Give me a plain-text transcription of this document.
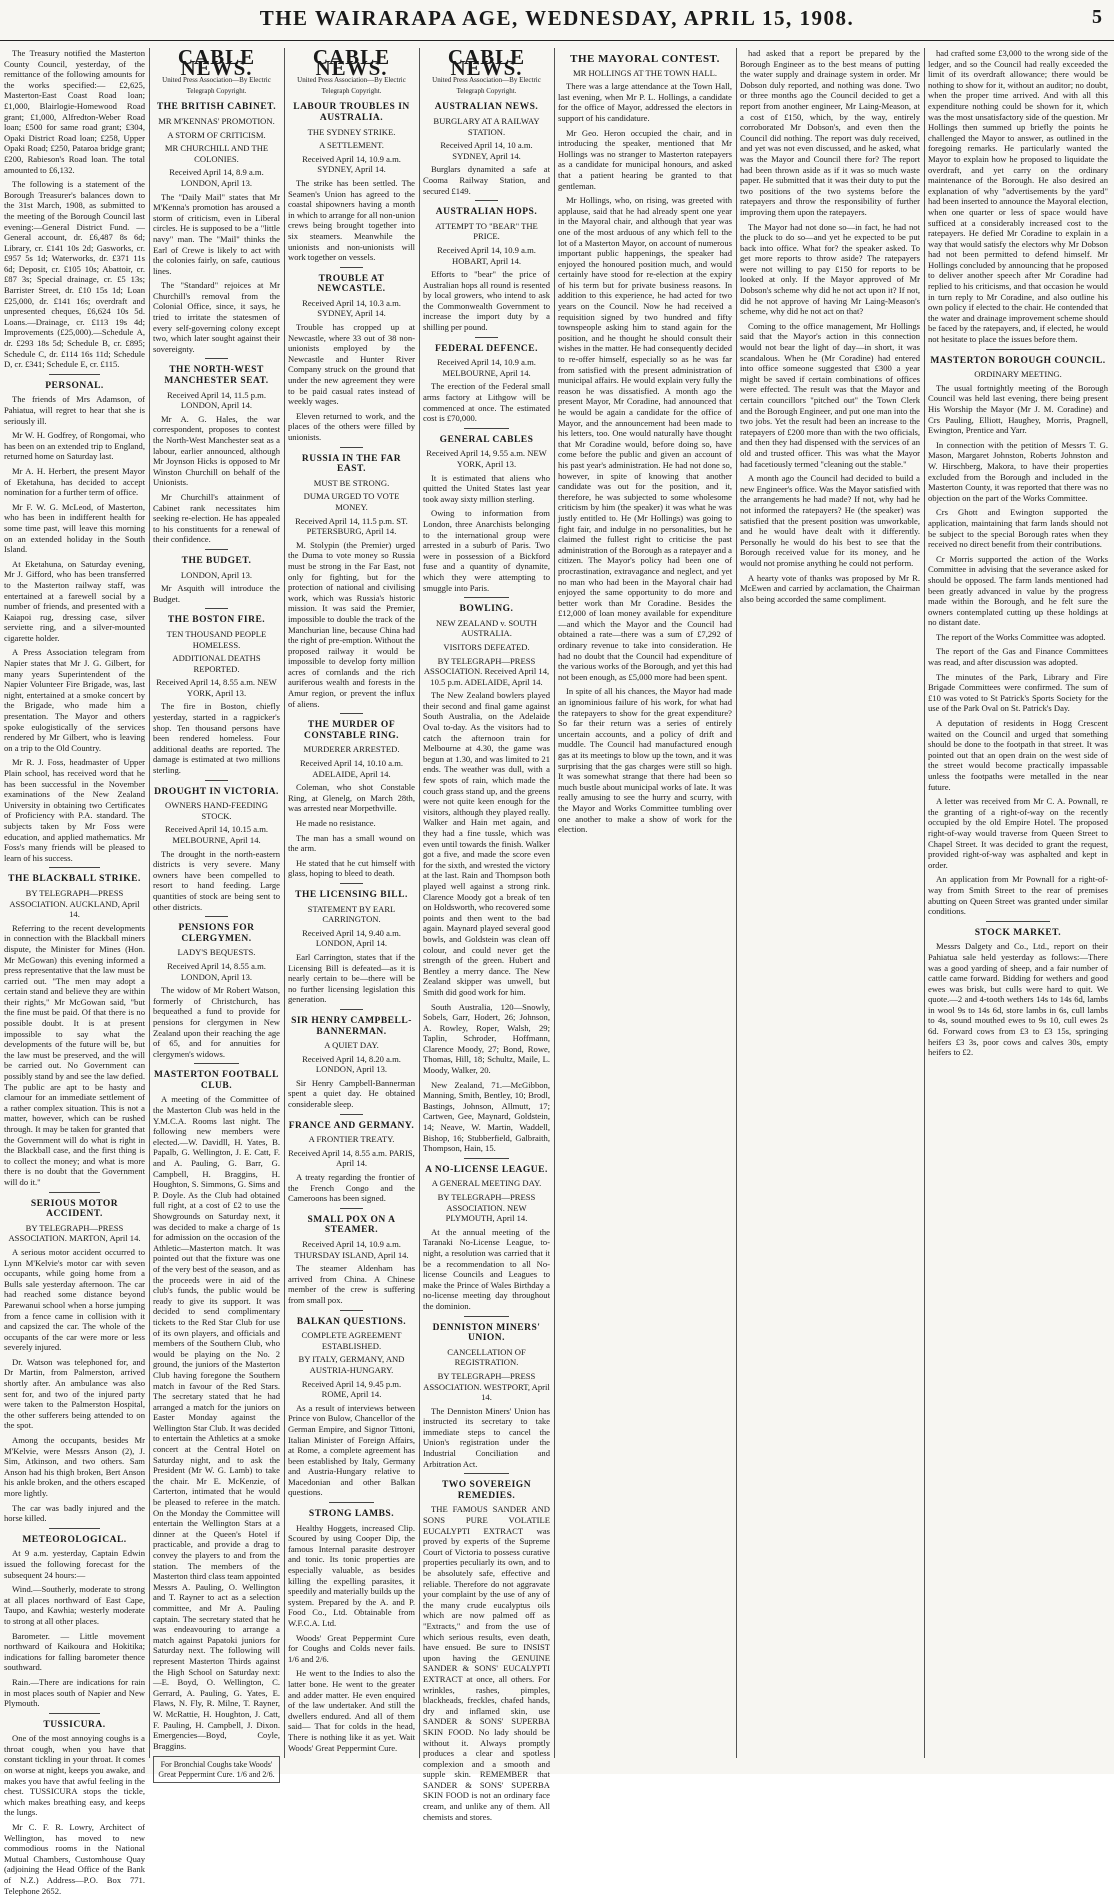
THE WAIRARAPA AGE, WEDNESDAY, APRIL 15, 1908.	5

The Treasury notified the Masterton County Council, yesterday, of the remittance of the following amounts for the works specified:— £2,625, Masterton-East Coast Road loan; £1,000, Blairlogie-Homewood Road grant; £1,000, Alfredton-Weber Road loan; £500 for same road grant; £304, Opaki District Road loan; £258, Upper Opaki Road; £250, Pataroa bridge grant; £200, Rabieson's Road loan. The total amounted to £6,132.

The following is a statement of the Borough Treasurer's balances down to the 31st March, 1908, as submitted to the meeting of the Borough Council last evening:—General District Fund. — General account, dr. £6,487 8s 6d; Library, cr. £141 10s 2d; Gasworks, cr. £957 5s 1d; Waterworks, dr. £371 11s 6d; Deposit, cr. £105 10s; Abattoir, cr. £87 3s; Special drainage, cr. £5 13s; Barrister Street, dr. £10 15s 1d; Loan £25,000, dr. £141 16s; overdraft and unpresented cheques, £6,624 10s 5d. Loans.—Drainage, cr. £113 19s 4d; Improvements (£25,000).—Schedule A, dr. £293 18s 5d; Schedule B, cr. £895; Schedule C, dr. £114 16s 11d; Schedule D, cr. £341; Schedule E, cr. £115.

PERSONAL.

The friends of Mrs Adamson, of Pahiatua, will regret to hear that she is seriously ill.

Mr W. H. Godfrey, of Rongomai, who has been on an extended trip to England, returned home on Saturday last.

Mr A. H. Herbert, the present Mayor of Eketahuna, has decided to accept nomination for a further term of office.

Mr F. W. G. McLeod, of Masterton, who has been in indifferent health for some time past, will leave this morning on an extended holiday in the South Island.

At Eketahuna, on Saturday evening, Mr J. Gifford, who has been transferred to the Masterton railway staff, was entertained at a farewell social by a number of friends, and presented with a Kaiapoi rug, dressing case, silver serviette ring, and a silver-mounted cigarette holder.

A Press Association telegram from Napier states that Mr J. G. Gilbert, for many years Superintendent of the Napier Volunteer Fire Brigade, was, last night, entertained at a smoke concert by the Brigade, who made him a presentation. The Mayor and others spoke eulogistically of the services rendered by Mr Gilbert, who is leaving on a trip to the Old Country.

Mr R. J. Foss, headmaster of Upper Plain school, has received word that he has been successful in the November examinations of the New Zealand University in obtaining two Certificates of Proficiency with P.A. standard. The subjects taken by Mr Foss were education, and applied mathematics. Mr Foss's many friends will be pleased to learn of his success.

THE BLACKBALL STRIKE.
BY TELEGRAPH—PRESS ASSOCIATION. AUCKLAND, April 14.

Referring to the recent developments in connection with the Blackball miners dispute, the Minister for Mines (Hon. Mr McGowan) this evening informed a press representative that the law must be carried out. "The men may adopt a certain stand and believe they are within their rights," Mr McGowan said, "but the fine must be paid. Of that there is no possible doubt. It is at present impossible to say what the developments of the future will be, but the law must be preserved, and the will be carried out. No Government can possibly stand by and see the law defied. The public are apt to be hasty and clamour for an immediate settlement of a rather complex situation. This is not a matter, however, which can be rushed through. It may be taken for granted that the Government will do what is right in the Blackball case, and the first thing is to collect the money; and what is more there is no doubt that the Government will do it."

SERIOUS MOTOR ACCIDENT.
BY TELEGRAPH—PRESS ASSOCIATION. MARTON, April 14.

A serious motor accident occurred to Lynn M'Kelvie's motor car with seven occupants, while going home from a Bulls sale yesterday afternoon. The car had reached some distance beyond Parewanui school when a horse jumping from a fence came in collision with it and capsized the car. The whole of the occupants of the car were more or less severely injured.

Dr. Watson was telephoned for, and Dr Martin, from Palmerston, arrived shortly after. An ambulance was also sent for, and two of the injured party were taken to the Palmerston Hospital, the other sufferers being attended to on the spot.

Among the occupants, besides Mr M'Kelvie, were Messrs Anson (2), J. Sim, Atkinson, and two others. Sam Anson had his thigh broken, Bert Anson his ankle broken, and the others escaped more lightly.

The car was badly injured and the horse killed.

METEOROLOGICAL.

At 9 a.m. yesterday, Captain Edwin issued the following forecast for the subsequent 24 hours:—

Wind.—Southerly, moderate to strong at all places northward of East Cape, Taupo, and Kawhia; westerly moderate to strong at all other places.

Barometer. — Little movement northward of Kaikoura and Hokitika; indications for falling barometer thence southward.

Rain.—There are indications for rain in most places south of Napier and New Plymouth.

TUSSICURA.

One of the most annoying coughs is a throat cough, when you have that constant tickling in your throat. It comes on worse at night, keeps you awake, and makes you have that awful feeling in the chest. TUSSICURA stops the tickle, which makes breathing easy, and keeps the lungs.

Mr C. F. R. Lowry, Architect of Wellington, has moved to new commodious rooms in the National Mutual Chambers, Customhouse Quay (adjoining the Head Office of the Bank of N.Z.) Address—P.O. Box 771. Telephone 2652.

CABLE NEWS.
United Press Association—By Electric Telegraph Copyright.
THE BRITISH CABINET.
MR M'KENNAS' PROMOTION.
A STORM OF CRITICISM.
MR CHURCHILL AND THE COLONIES.
Received April 14, 8.9 a.m. LONDON, April 13.

The "Daily Mail" states that Mr M'Kenna's promotion has aroused a storm of criticism, even in Liberal circles. He is supposed to be a "little navy" man. The "Mail" thinks the Earl of Crewe is likely to act with the colonies fairly, on safe, cautious lines.

The "Standard" rejoices at Mr Churchill's removal from the Colonial Office, since, it says, he tried to irritate the statesmen of every self-governing colony except two, which later sought against their sovereignty.

THE NORTH-WEST MANCHESTER SEAT.
Received April 14, 11.5 p.m. LONDON, April 14.

Mr A. G. Hales, the war correspondent, proposes to contest the North-West Manchester seat as a labour, earlier announced, although Mr Joynson Hicks is opposed to Mr Winston Churchill on behalf of the Unionists.

Mr Churchill's attainment of Cabinet rank necessitates him seeking re-election. He has appealed to his constituents for a renewal of their confidence.

THE BUDGET.
LONDON, April 13.

Mr Asquith will introduce the Budget.

THE BOSTON FIRE.
TEN THOUSAND PEOPLE HOMELESS.
ADDITIONAL DEATHS REPORTED.
Received April 14, 8.55 a.m. NEW YORK, April 13.

The fire in Boston, chiefly yesterday, started in a ragpicker's shop. Ten thousand persons have been rendered homeless. Four additional deaths are reported. The damage is estimated at two millions sterling.

DROUGHT IN VICTORIA.
OWNERS HAND-FEEDING STOCK.
Received April 14, 10.15 a.m. MELBOURNE, April 14.

The drought in the north-eastern districts is very severe. Many owners have been compelled to resort to hand feeding. Large quantities of stock are being sent to other districts.

PENSIONS FOR CLERGYMEN.
LADY'S BEQUESTS.
Received April 14, 8.55 a.m. LONDON, April 13.

The widow of Mr Robert Watson, formerly of Christchurch, has bequeathed a fund to provide for pensions for clergymen in New Zealand upon their reaching the age of 65, and for annuities for clergymen's widows.

MASTERTON FOOTBALL CLUB.

A meeting of the Committee of the Masterton Club was held in the Y.M.C.A. Rooms last night. The following new members were elected.—W. Davidll, H. Yates, B. Papalb, G. Wellington, J. E. Catt, F. and A. Pauling, G. Barr, G. Campbell, H. Braggins, H. Houghton, S. Simmons, G. Sims and P. Doyle. As the Club had obtained full right, at a cost of £2 to use the Showgrounds on Saturday next, it was decided to make a charge of 1s for admission on the occasion of the Athletic—Masterton match. It was pointed out that the fixture was one of the very best of the season, and as the proceeds were in aid of the club's funds, the public would be ready to give its support. It was decided to send complimentary tickets to the Red Star Club for use of its own players, and officials and members of the Southern Club, who would be playing on the No. 2 ground, the juniors of the Masterton Club having foregone the Southern match in favour of the Red Stars. The secretary stated that he had arranged a match for the juniors on Easter Monday against the Wellington Star Club. It was decided to entertain the Athletics at a smoke concert at the Central Hotel on Saturday night, and to ask the President (Mr W. G. Lamb) to take the chair. Mr E. McKenzie, of Carterton, intimated that he would be pleased to referee in the match. On the Monday the Committee will entertain the Wellington Stars at a dinner at the Queen's Hotel if practicable, and provide a drag to convey the players to and from the station. The members of the Masterton third class team appointed Messrs A. Pauling, O. Wellington and T. Rayner to act as a selection committee, and Mr A. Pauling captain. The secretary stated that he was endeavouring to arrange a match against Papatoki juniors for Saturday next. The following will represent Masterton Thirds against the High School on Saturday next:—E. Boyd, O. Wellington, C. Gerrard, A. Pauling, G. Yates, E. Flaws, N. Fly, R. Milne, T. Rayner, W. McRattie, H. Houghton, J. Catt, F. Pauling, H. Campbell, J. Dixon. Emergencies—Boyd, Coyle, Braggins.

For Bronchial Coughs take Woods' Great Peppermint Cure. 1/6 and 2/6.
CABLE NEWS.
United Press Association—By Electric Telegraph Copyright.
LABOUR TROUBLES IN AUSTRALIA.
THE SYDNEY STRIKE.
A SETTLEMENT.
Received April 14, 10.9 a.m. SYDNEY, April 14.

The strike has been settled. The Seamen's Union has agreed to the coastal shipowners having a month in which to arrange for all non-union crews being brought together into six steamers. Meanwhile the unionists and non-unionists will work together on vessels.

TROUBLE AT NEWCASTLE.
Received April 14, 10.3 a.m. SYDNEY, April 14.

Trouble has cropped up at Newcastle, where 33 out of 38 non-unionists employed by the Newcastle and Hunter River Company struck on the ground that under the new agreement they were to be paid casual rates instead of weekly wages.

Eleven returned to work, and the places of the others were filled by unionists.

RUSSIA IN THE FAR EAST.
MUST BE STRONG.
DUMA URGED TO VOTE MONEY.
Received April 14, 11.5 p.m. ST. PETERSBURG, April 14.

M. Stolypin (the Premier) urged the Duma to vote money so Russia must be strong in the Far East, not only for fighting, but for the protection of national and civilising work, which was Russia's historic mission. It was said the Premier, impossible to double the track of the Manchurian line, because China had the right of pre-emption. Without the proposed railway it would be impossible to develop forty million acres of cornlands and the rich auriferous wealth and forests in the Amur region, or prevent the influx of aliens.

THE MURDER OF CONSTABLE RING.
MURDERER ARRESTED.
Received April 14, 10.10 a.m. ADELAIDE, April 14.

Coleman, who shot Constable Ring, at Glenelg, on March 28th, was arrested near Morpethville.

He made no resistance.

The man has a small wound on the arm.

He stated that he cut himself with glass, hoping to bleed to death.

THE LICENSING BILL.
STATEMENT BY EARL CARRINGTON.
Received April 14, 9.40 a.m. LONDON, April 14.

Earl Carrington, states that if the Licensing Bill is defeated—as it is nearly certain to be—there will be no further licensing legislation this generation.

SIR HENRY CAMPBELL-BANNERMAN.
A QUIET DAY.
Received April 14, 8.20 a.m. LONDON, April 13.

Sir Henry Campbell-Bannerman spent a quiet day. He obtained considerable sleep.

FRANCE AND GERMANY.
A FRONTIER TREATY.
Received April 14, 8.55 a.m. PARIS, April 14.

A treaty regarding the frontier of the French Congo and the Cameroons has been signed.

SMALL POX ON A STEAMER.
Received April 14, 10.9 a.m. THURSDAY ISLAND, April 14.

The steamer Aldenham has arrived from China. A Chinese member of the crew is suffering from small pox.

BALKAN QUESTIONS.
COMPLETE AGREEMENT ESTABLISHED.
BY ITALY, GERMANY, AND AUSTRIA-HUNGARY.
Received April 14, 9.45 p.m. ROME, April 14.

As a result of interviews between Prince von Bulow, Chancellor of the German Empire, and Signor Tittoni, Italian Minister of Foreign Affairs, at Rome, a complete agreement has been established by Italy, Germany and Austria-Hungary relative to Macedonian and other Balkan questions.

STRONG LAMBS.

Healthy Hoggets, increased Clip. Scoured by using Cooper Dip, the famous Internal parasite destroyer and tonic. Its tonic properties are especially valuable, as besides killing the expelling parasites, it speedily and materially builds up the system. Prepared by the A. and P. Food Co., Ltd. Obtainable from W.F.C.A. Ltd.

Woods' Great Peppermint Cure for Coughs and Colds never fails. 1/6 and 2/6.

He went to the Indies to also the latter bone. He went to the greater and adder matter. He even enquired of the law undertaker. And still the dwellers endured. And all of them said— That for colds in the head, There is nothing like it as yet. Wait Woods' Great Peppermint Cure.

CABLE NEWS.
United Press Association—By Electric Telegraph Copyright.
AUSTRALIAN NEWS.
BURGLARY AT A RAILWAY STATION.
Received April 14, 10 a.m. SYDNEY, April 14.

Burglars dynamited a safe at Cooma Railway Station, and secured £149.

AUSTRALIAN HOPS.
ATTEMPT TO "BEAR" THE PRICE.
Received April 14, 10.9 a.m. HOBART, April 14.

Efforts to "bear" the price of Australian hops all round is resented by local growers, who intend to ask the Commonwealth Government to increase the import duty by a shilling per pound.

FEDERAL DEFENCE.
Received April 14, 10.9 a.m. MELBOURNE, April 14.

The erection of the Federal small arms factory at Lithgow will be commenced at once. The estimated cost is £70,000.

GENERAL CABLES
Received April 14, 9.55 a.m. NEW YORK, April 13.

It is estimated that aliens who quitted the United States last year took away sixty million sterling.

Owing to information from London, three Anarchists belonging to the international group were arrested in a suburb of Paris. Two were in possession of a Bickford fuse and a quantity of dynamite, which they were attempting to smuggle into Paris.

BOWLING.
NEW ZEALAND v. SOUTH AUSTRALIA.
VISITORS DEFEATED.
BY TELEGRAPH—PRESS ASSOCIATION. Received April 14, 10.5 p.m. ADELAIDE, April 14.

The New Zealand bowlers played their second and final game against South Australia, on the Adelaide Oval to-day. As the visitors had to catch the afternoon train for Melbourne at 4.30, the game was begun at 1.30, and was limited to 21 ends. The weather was dull, with a few spots of rain, which made the couch grass stand up, and the greens were not quite keen enough for the visitors, although they played really. Walker and Hain met again, and they had a fine tussle, which was even until towards the finish. Walker got a five, and made the score even for the sixth, and wrested the victory at the last. Rain and Thompson both played well against a strong rink. Clarence Moody got a break of ten on Holdsworth, who recovered some points and then went to the bad again. Maynard played several good bowls, and Goldstein was clean off colour, and could never get the strength of the green. Hubert and Bentley a merry dance. The New Zealand skipper was unwell, but Smith did good work for him.

South Australia, 120—Snowly, Sobels, Garr, Hodert, 26; Johnson, A. Rowley, Roper, Walsh, 29; Taplin, Schroder, Hoffmann, Clarence Moody, 27; Bond, Rowe, Thomas, Hill, 18; Schultz, Maile, L. Moody, Walker, 20.

New Zealand, 71.—McGibbon, Manning, Smith, Bentley, 10; Brodl, Bastings, Johnson, Allmutt, 17; Cartwen, Gee, Maynard, Goldstein, 14; Neave, W. Martin, Waddell, Bishop, 16; Stubberfield, Galbraith, Thompson, Hain, 15.

A NO-LICENSE LEAGUE.
A GENERAL MEETING DAY.
BY TELEGRAPH—PRESS ASSOCIATION. NEW PLYMOUTH, April 14.

At the annual meeting of the Taranaki No-License League, to-night, a resolution was carried that it be a recommendation to all No-license Councils and Leagues to make the Prince of Wales Birthday a no-license meeting day throughout the dominion.

DENNISTON MINERS' UNION.
CANCELLATION OF REGISTRATION.
BY TELEGRAPH—PRESS ASSOCIATION. WESTPORT, April 14.

The Denniston Miners' Union has instructed its secretary to take immediate steps to cancel the Union's registration under the Industrial Conciliation and Arbitration Act.

TWO SOVEREIGN REMEDIES.

THE FAMOUS SANDER AND SONS PURE VOLATILE EUCALYPTI EXTRACT was proved by experts of the Supreme Court of Victoria to possess curative properties peculiarly its own, and to be absolutely safe, effective and reliable. Therefore do not aggravate your complaint by the use of any of the many crude eucalyptus oils which are now palmed off as "Extracts," and from the use of which serious results, even death, have ensued. Be sure to INSIST upon having the GENUINE SANDER & SONS' EUCALYPTI EXTRACT at once, all others. For wrinkles, rashes, pimples, blackheads, freckles, chafed hands, dry and inflamed skin, use SANDER & SONS' SUPERBA SKIN FOOD. No lady should be without it. Always promptly produces a clear and spotless complexion and a smooth and supple skin. REMEMBER that SANDER & SONS' SUPERBA SKIN FOOD is not an ordinary face cream, and unlike any of them. All chemists and stores.

THE MAYORAL CONTEST.
MR HOLLINGS AT THE TOWN HALL.

There was a large attendance at the Town Hall, last evening, when Mr P. L. Hollings, a candidate for the office of Mayor, addressed the electors in support of his candidature.

Mr Geo. Heron occupied the chair, and in introducing the speaker, mentioned that Mr Hollings was no stranger to Masterton ratepayers as a candidate for municipal honours, and asked that a patient hearing be granted to that gentleman.

Mr Hollings, who, on rising, was greeted with applause, said that he had already spent one year in the Mayoral chair, and although that year was one of the most arduous of any which fell to the lot of a Masterton Mayor, on account of numerous important public happenings, the speaker had enjoyed the honoured position much, and would certainly have stood for re-election at the expiry of his term but for private business reasons. In addition to this experience, he had acted for two years on the Council. Now he had received a requisition signed by two hundred and fifty townspeople asking him to stand again for the position, and he thought he should consult their wishes in the matter. He had consequently decided to re-offer himself, especially so as he was far from satisfied with the present administration of municipal affairs. He would explain very fully the reason he was dissatisfied. A month ago the present Mayor, Mr Coradine, had announced that he would be again a candidate for the office of Mayor, and the announcement had been made to his letters, too. One would naturally have thought that Mr Coradine would, before doing so, have come before the public and given an account of his past year's administration. He had not done so, however, in spite of knowing that another candidate was out for the position, and it, therefore, he was subjected to some wholesome criticism by him (the speaker) it was what he was justly entitled to. He (Mr Hollings) was going to fight fair, and indulge in no personalities, but he claimed the fullest right to criticise the past administration of the Borough as a ratepayer and a citizen. The Mayor's policy had been one of procrastination, extravagance and neglect, and yet no man who had been in the Mayoral chair had enjoyed the same opportunity to do more and better work than Mr Coradine. Besides the £12,000 of loan money available for expenditure—and which the Mayor and the Council had obtained a rate—there was a sum of £7,292 of ordinary revenue to take into consideration. He had no doubt that the Council had expenditure of the various works of the Borough, and yet this had not been enough, as £5,000 more had been spent.

In spite of all his chances, the Mayor had made an ignominious failure of his work, for what had the ratepayers to show for the great expenditure? So far their return was a series of entirely uncertain accounts, and a policy of drift and muddle. The Council had manufactured enough gas at its meetings to blow up the town, and it was surprising that the gas charges were still so high. It was somewhat strange that there had been so much bustle about municipal works of late. It was really amusing to see the hurry and scurry, with the Mayor and Works Committee tumbling over one another to make a show of work for the election.

had asked that a report be prepared by the Borough Engineer as to the best means of putting the water supply and drainage system in order. Mr Dobson duly reported, and nothing was done. Two or three months ago the Council decided to get a report from another engineer, Mr Laing-Meason, at a cost of £150, which, by the way, entirely corroborated Mr Dobson's, and even then the Council did nothing. The report was duly received, and yet was not even discussed, and he asked, what was the Mayor and Council there for? The report had been thrown aside as if it was so much waste paper. He submitted that it was their duty to put the two positions of the two systems before the ratepayers and throw the responsibility of further improving them upon the ratepayers.

The Mayor had not done so—in fact, he had not the pluck to do so—and yet he expected to be put back into office. What for? the speaker asked. To get more reports to throw aside? The ratepayers were not willing to pay £150 for reports to be looked at only. If the Mayor approved of Mr Dobson's scheme why did he not act upon it? If not, did he not approve of having Mr Laing-Meason's scheme, why did he not act on that?

Coming to the office management, Mr Hollings said that the Mayor's action in this connection would not bear the light of day—in short, it was scandalous. When he (Mr Coradine) had entered into office someone suggested that £300 a year might be saved if certain combinations of offices were effected. The result was that the Mayor and certain councillors "pitched out" the Town Clerk and the Borough Engineer, and put one man into the two jobs. Yet the result had been an increase to the ratepayers of £200 more than with the two officials, and then they had dispensed with the services of an old and trusted officer. This was what the Mayor had facetiously termed "cleaning out the stable."

A month ago the Council had decided to build a new Engineer's office. Was the Mayor satisfied with the arrangements he had made? If not, why had he not informed the ratepayers? He (the speaker) was satisfied that the present position was unworkable, and he would have dealt with it differently. Personally he would do his best to see that the Borough received value for its money, and he would not promise anything he could not perform.

A hearty vote of thanks was proposed by Mr R. McEwen and carried by acclamation, the Chairman also being accorded the same compliment.

had crafted some £3,000 to the wrong side of the ledger, and so the Council had really exceeded the limit of its overdraft allowance; there would be nothing to show for it, without an auditor; no doubt, when the proper time arrived. And with all this expenditure nothing could be shown for it, which was the most unsatisfactory side of the question. Mr Hollings then summed up briefly the points he challenged the Mayor to answer, as outlined in the foregoing remarks. He particularly wanted the Mayor to explain how he proposed to liquidate the overdraft, and yet carry on the ordinary maintenance of the Borough. He also desired an explanation of why "advertisements by the yard" had been inserted to announce the Mayoral election, when one quarter or less of space would have sufficed at a considerably increased cost to the ratepayers. He defied Mr Coradine to explain in a way that would satisfy the electors why Mr Dobson had not been permitted to defend himself. Mr Hollings concluded by announcing that he proposed to deliver another speech after Mr Coradine had replied to his criticisms, and that occasion he would in turn reply to Mr Coradine, and also outline his own policy if elected to the chair. He contended that the water and drainage improvement scheme should be faced by the ratepayers, and, if elected, he would not hesitate to place the issues before them.

MASTERTON BOROUGH COUNCIL.
ORDINARY MEETING.

The usual fortnightly meeting of the Borough Council was held last evening, there being present His Worship the Mayor (Mr J. M. Coradine) and Crs Pauling, Elliott, Haughey, Morris, Pragnell, Ewington, Prentice and Yarr.

In connection with the petition of Messrs T. G. Mason, Margaret Johnston, Roberts Johnston and W. Hirschberg, Makora, to have their properties excluded from the Borough and included in the Masterton County, it was reported that there was no objection on the part of the Works Committee.

Crs Ghott and Ewington supported the application, maintaining that farm lands should not be subject to the special Borough rates when they received no direct benefit from their contributions.

Cr Morris supported the action of the Works Committee in advising that the severance asked for should be opposed. The farm lands mentioned had been greatly advanced in value by the progress made within the Borough, and he felt sure the owners contemplated cutting up these holdings at no distant date.

The report of the Works Committee was adopted.

The report of the Gas and Finance Committees was read, and after discussion was adopted.

The minutes of the Park, Library and Fire Brigade Committees were confirmed. The sum of £10 was voted to St Patrick's Sports Society for the use of the Park Oval on St. Patrick's Day.

A deputation of residents in Hogg Crescent waited on the Council and urged that something should be done to the footpath in that street. It was pointed out that an open drain on the west side of the street would become practically impassable unless the footpaths were metalled in the near future.

A letter was received from Mr C. A. Pownall, re the granting of a right-of-way on the recently occupied by the old Empire Hotel. The proposed right-of-way would traverse from Queen Street to Chapel Street. It was decided to grant the request, provided right-of-way was asphalted and kept in order.

An application from Mr Pownall for a right-of-way from Smith Street to the rear of premises abutting on Queen Street was granted under similar conditions.

STOCK MARKET.

Messrs Dalgety and Co., Ltd., report on their Pahiatua sale held yesterday as follows:—There was a good yarding of sheep, and a fair number of cattle came forward. Bidding for wethers and good ewes was brisk, but culls were hard to quit. We quote.—2 and 4-tooth wethers 14s to 14s 6d, lambs in wool 9s to 14s 6d, store lambs in 6s, cull lambs to 4s, sound mouthed ewes to 9s 10, cull ewes 2s 6d. Forward cows from £3 to £3 15s, springing heifers £3 3s, poor cows and calves 30s, empty heifers to £2.
